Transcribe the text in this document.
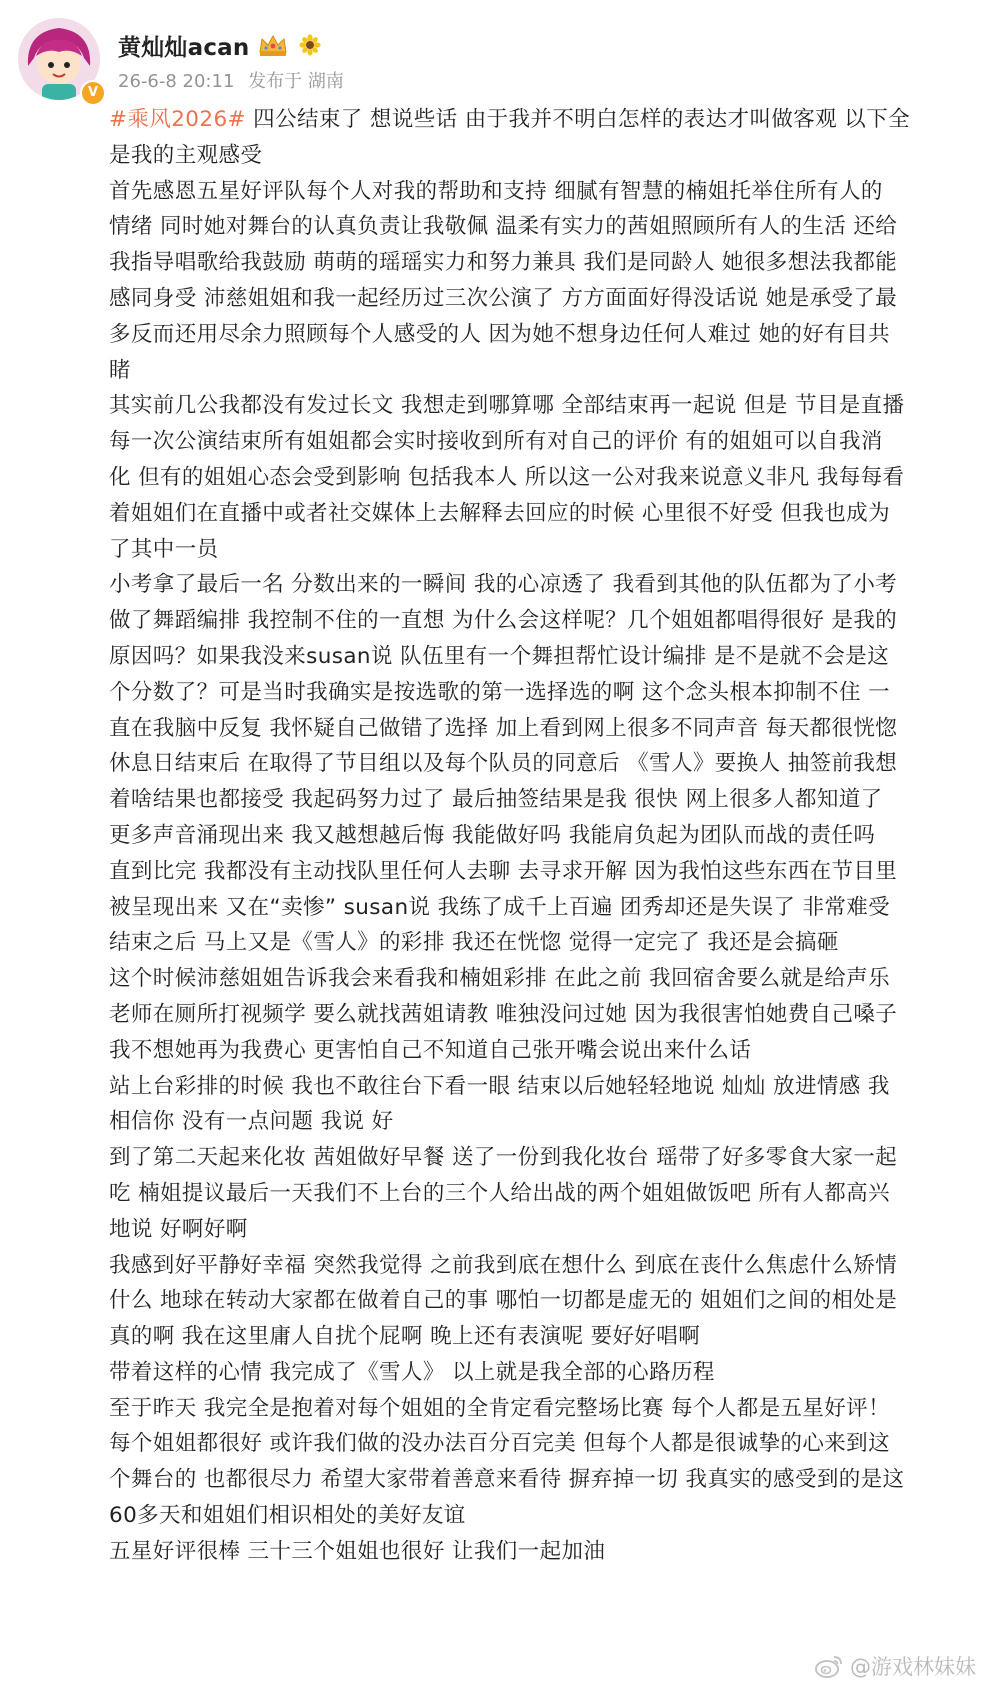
V
黄灿灿acan
26-6-8 20:11 发布于 湖南
#乘风2026# 四公结束了 想说些话 由于我并不明白怎样的表达才叫做客观 以下全
是我的主观感受
首先感恩五星好评队每个人对我的帮助和支持 细腻有智慧的楠姐托举住所有人的
情绪 同时她对舞台的认真负责让我敬佩 温柔有实力的茜姐照顾所有人的生活 还给
我指导唱歌给我鼓励 萌萌的瑶瑶实力和努力兼具 我们是同龄人 她很多想法我都能
感同身受 沛慈姐姐和我一起经历过三次公演了 方方面面好得没话说 她是承受了最
多反而还用尽余力照顾每个人感受的人 因为她不想身边任何人难过 她的好有目共
睹
其实前几公我都没有发过长文 我想走到哪算哪 全部结束再一起说 但是 节目是直播
每一次公演结束所有姐姐都会实时接收到所有对自己的评价 有的姐姐可以自我消
化 但有的姐姐心态会受到影响 包括我本人 所以这一公对我来说意义非凡 我每每看
着姐姐们在直播中或者社交媒体上去解释去回应的时候 心里很不好受 但我也成为
了其中一员
小考拿了最后一名 分数出来的一瞬间 我的心凉透了 我看到其他的队伍都为了小考
做了舞蹈编排 我控制不住的一直想 为什么会这样呢？几个姐姐都唱得很好 是我的
原因吗？如果我没来susan说 队伍里有一个舞担帮忙设计编排 是不是就不会是这
个分数了？可是当时我确实是按选歌的第一选择选的啊 这个念头根本抑制不住 一
直在我脑中反复 我怀疑自己做错了选择 加上看到网上很多不同声音 每天都很恍惚
休息日结束后 在取得了节目组以及每个队员的同意后 《雪人》要换人 抽签前我想
着啥结果也都接受 我起码努力过了 最后抽签结果是我 很快 网上很多人都知道了
更多声音涌现出来 我又越想越后悔 我能做好吗 我能肩负起为团队而战的责任吗
直到比完 我都没有主动找队里任何人去聊 去寻求开解 因为我怕这些东西在节目里
被呈现出来 又在“卖惨” susan说 我练了成千上百遍 团秀却还是失误了 非常难受
结束之后 马上又是《雪人》的彩排 我还在恍惚 觉得一定完了 我还是会搞砸
这个时候沛慈姐姐告诉我会来看我和楠姐彩排 在此之前 我回宿舍要么就是给声乐
老师在厕所打视频学 要么就找茜姐请教 唯独没问过她 因为我很害怕她费自己嗓子
我不想她再为我费心 更害怕自己不知道自己张开嘴会说出来什么话
站上台彩排的时候 我也不敢往台下看一眼 结束以后她轻轻地说 灿灿 放进情感 我
相信你 没有一点问题 我说 好
到了第二天起来化妆 茜姐做好早餐 送了一份到我化妆台 瑶带了好多零食大家一起
吃 楠姐提议最后一天我们不上台的三个人给出战的两个姐姐做饭吧 所有人都高兴
地说 好啊好啊
我感到好平静好幸福 突然我觉得 之前我到底在想什么 到底在丧什么焦虑什么矫情
什么 地球在转动大家都在做着自己的事 哪怕一切都是虚无的 姐姐们之间的相处是
真的啊 我在这里庸人自扰个屁啊 晚上还有表演呢 要好好唱啊
带着这样的心情 我完成了《雪人》 以上就是我全部的心路历程
至于昨天 我完全是抱着对每个姐姐的全肯定看完整场比赛 每个人都是五星好评！
每个姐姐都很好 或许我们做的没办法百分百完美 但每个人都是很诚挚的心来到这
个舞台的 也都很尽力 希望大家带着善意来看待 摒弃掉一切 我真实的感受到的是这
60多天和姐姐们相识相处的美好友谊
五星好评很棒 三十三个姐姐也很好 让我们一起加油
@游戏林妹妹
